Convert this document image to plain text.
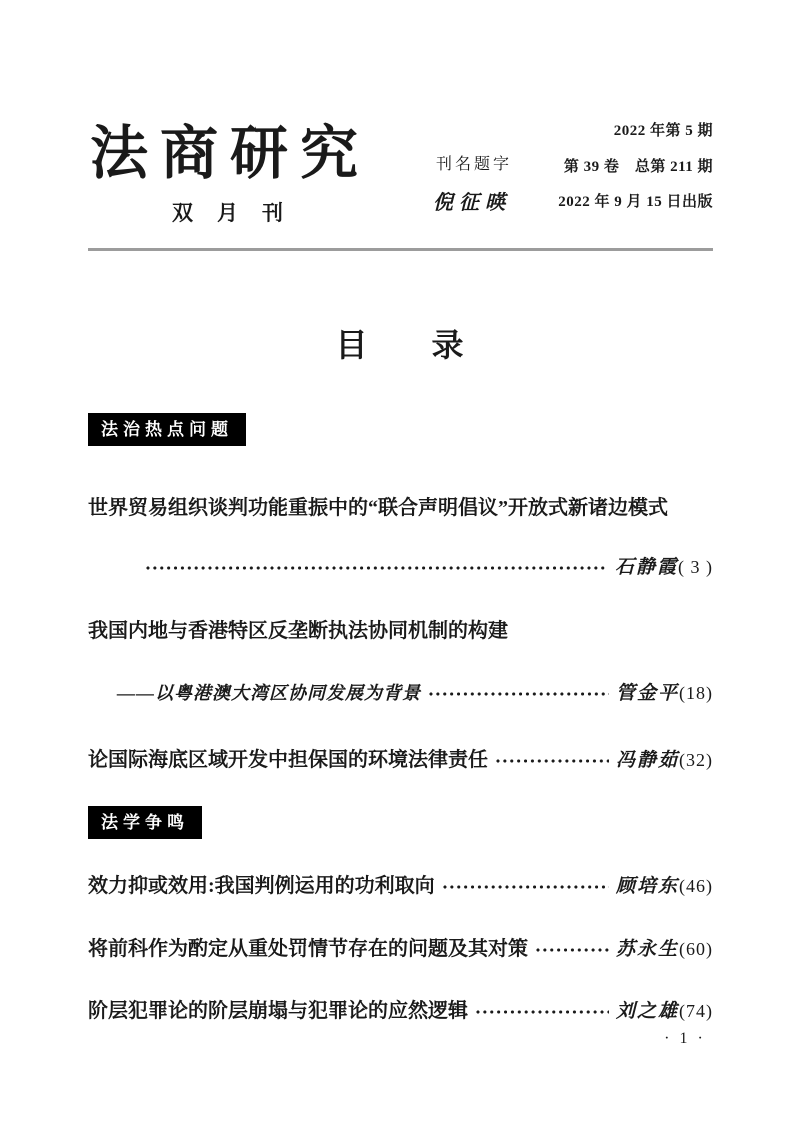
法商研究
双月刊
刊名题字
倪征暎
2022 年第 5 期
第 39 卷　总第 211 期
2022 年 9 月 15 日出版
目　　录
法治热点问题
世界贸易组织谈判功能重振中的“联合声明倡议”开放式新诸边模式
石静霞 ( 3 )
我国内地与香港特区反垄断执法协同机制的构建
——以粤港澳大湾区协同发展为背景	管金平 (18)
论国际海底区域开发中担保国的环境法律责任	冯静茹 (32)
法学争鸣
效力抑或效用:我国判例运用的功利取向	顾培东 (46)
将前科作为酌定从重处罚情节存在的问题及其对策	苏永生 (60)
阶层犯罪论的阶层崩塌与犯罪论的应然逻辑	刘之雄 (74)
· 1 ·
